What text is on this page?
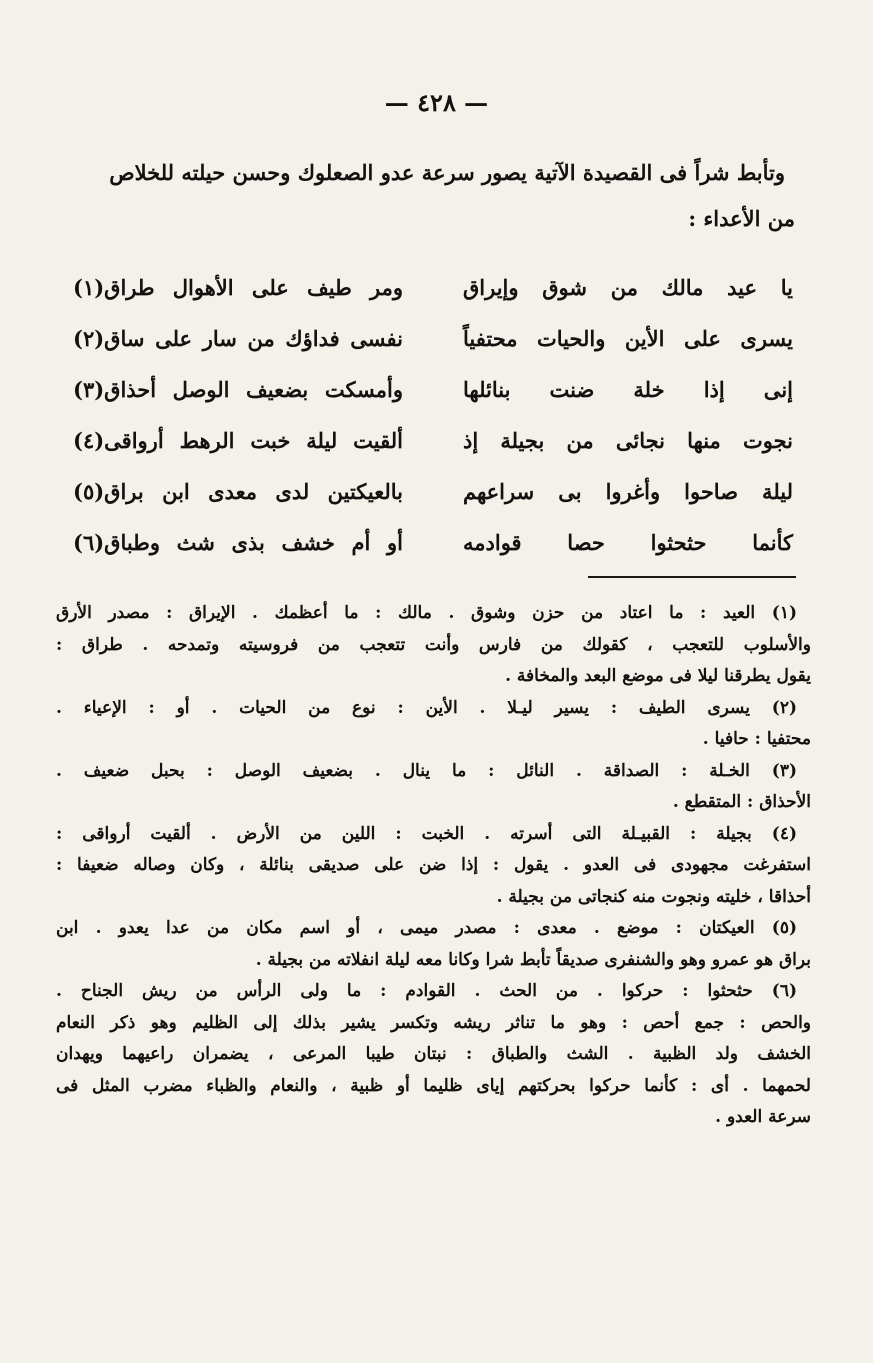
— ٤٢٨ —
وتأبط شراً فى القصيدة الآتية يصور سرعة عدو الصعلوك وحسن حيلته للخلاص
من الأعداء :
يا عيد مالك من شوق وإيراق
ومر طيف على الأهوال طراق(١)
يسرى على الأين والحيات محتفياً
نفسى فداؤك من سار على ساق(٢)
إنى إذا خلة ضنت بنائلها
وأمسكت بضعيف الوصل أحذاق(٣)
نجوت منها نجائى من بجيلة إذ
ألقيت ليلة خبت الرهط أرواقى(٤)
ليلة صاحوا وأغروا بى سراعهم
بالعيكتين لدى معدى ابن براق(٥)
كأنما حثحثوا حصا قوادمه
أو أم خشف بذى شث وطباق(٦)
(١) العيد : ما اعتاد من حزن وشوق . مالك : ما أعظمك . الإيراق : مصدر الأرق
والأسلوب للتعجب ، كقولك من فارس وأنت تتعجب من فروسيته وتمدحه . طراق :
يقول يطرقنا ليلا فى موضع البعد والمخافة .
(٢) يسرى الطيف : يسير ليـلا . الأين : نوع من الحيات . أو : الإعياء .
محتفيا : حافيا .
(٣) الخـلة : الصداقة . النائل : ما ينال . بضعيف الوصل : بحبل ضعيف .
الأحذاق : المتقطع .
(٤) بجيلة : القبيـلة التى أسرته . الخبت : اللين من الأرض . ألقيت أرواقى :
استفرغت مجهودى فى العدو . يقول : إذا ضن على صديقى بنائلة ، وكان وصاله ضعيفا :
أحذاقا ، خليته ونجوت منه كنجاتى من بجيلة .
(٥) العيكتان : موضع . معدى : مصدر ميمى ، أو اسم مكان من عدا يعدو . ابن
براق هو عمرو وهو والشنفرى صديقاً تأبط شرا وكانا معه ليلة انفلاته من بجيلة .
(٦) حثحثوا : حركوا . من الحث . القوادم : ما ولى الرأس من ريش الجناح .
والحص : جمع أحص : وهو ما تناثر ريشه وتكسر يشير بذلك إلى الظليم وهو ذكر النعام
الخشف ولد الظبية . الشث والطباق : نبتان طيبا المرعى ، يضمران راعيهما ويهدان
لحمهما . أى : كأنما حركوا بحركتهم إياى ظليما أو ظبية ، والنعام والظباء مضرب المثل فى
سرعة العدو .
